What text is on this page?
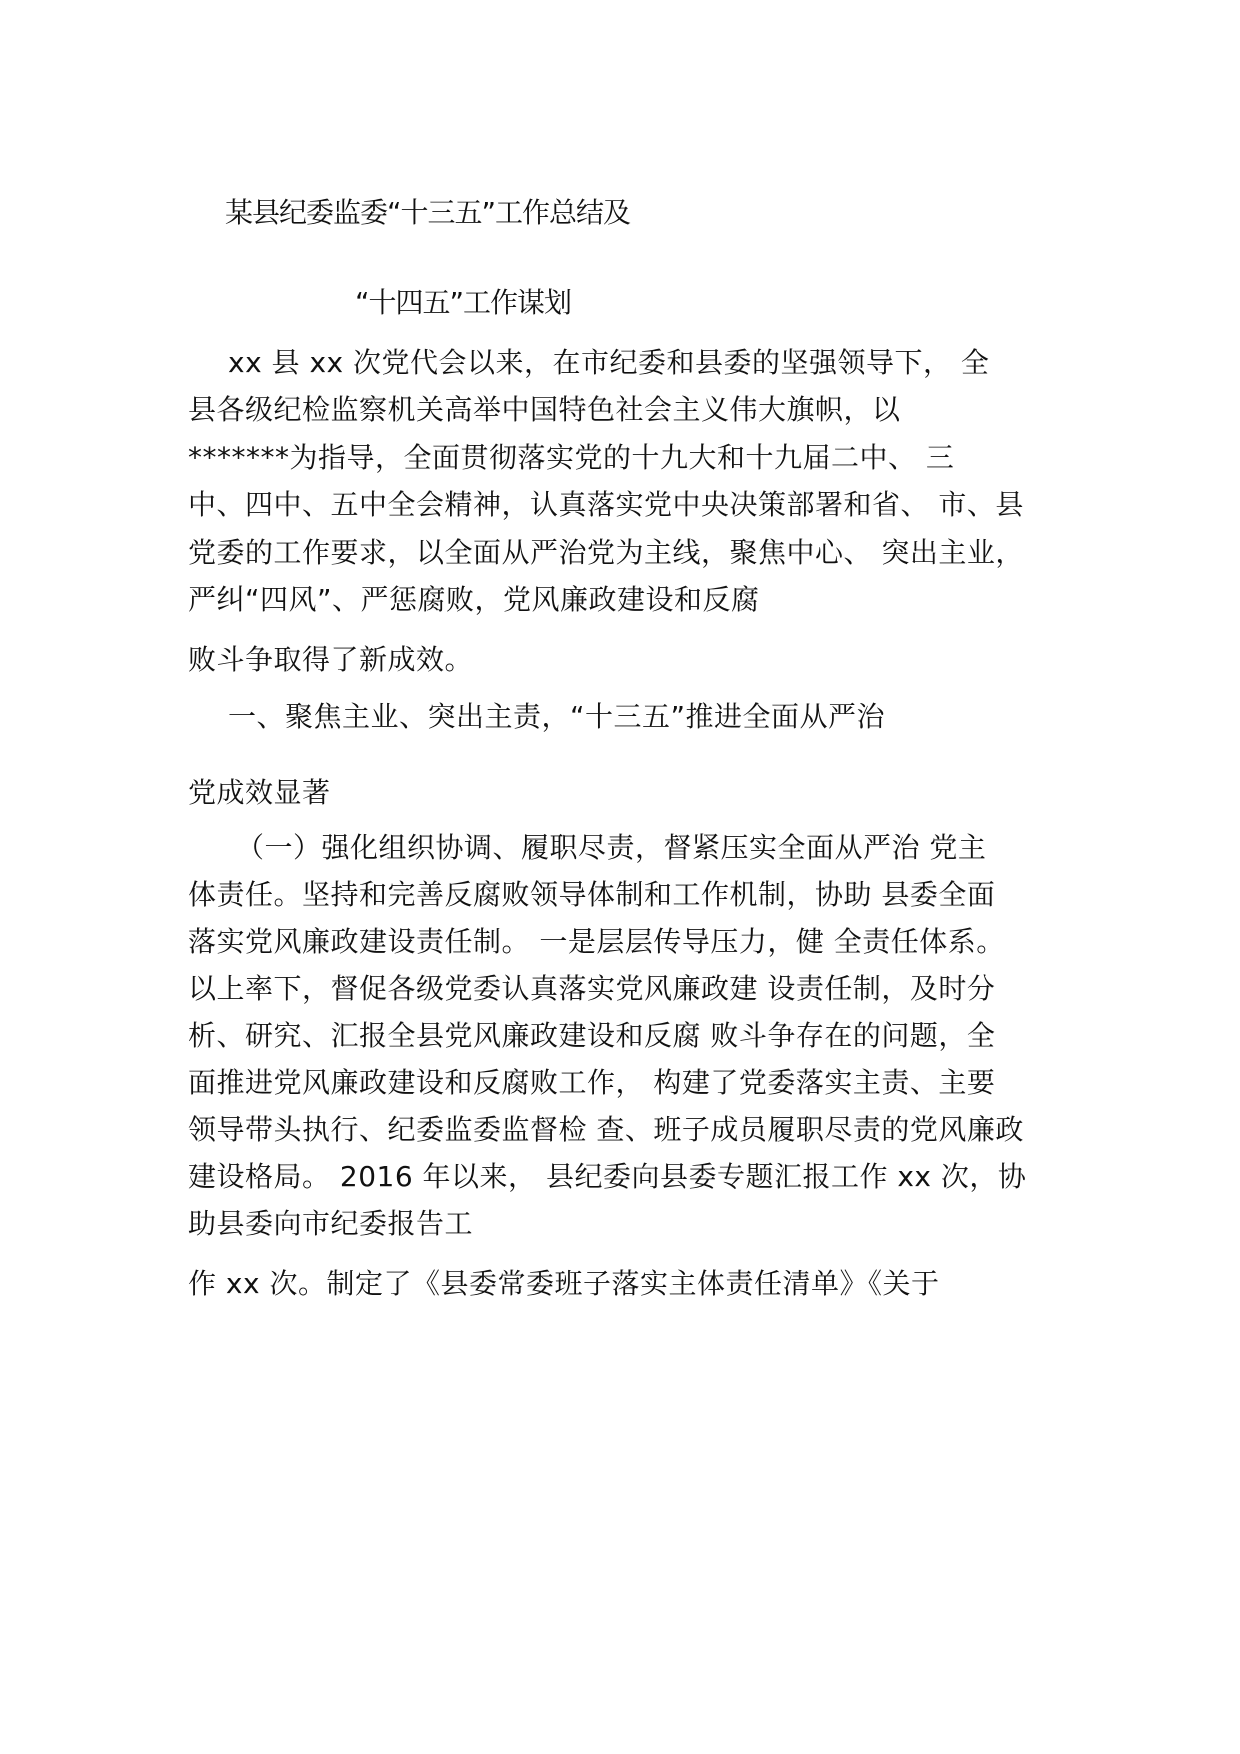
某县纪委监委“十三五”工作总结及
“十四五”工作谋划
xx 县 xx 次党代会以来，在市纪委和县委的坚强领导下， 全
县各级纪检监察机关高举中国特色社会主义伟大旗帜，以
*******为指导，全面贯彻落实党的十九大和十九届二中、 三
中、四中、五中全会精神，认真落实党中央决策部署和省、 市、县
党委的工作要求，以全面从严治党为主线，聚焦中心、 突出主业，
严纠“四风”、严惩腐败，党风廉政建设和反腐
败斗争取得了新成效。
一、聚焦主业、突出主责，“十三五”推进全面从严治
党成效显著
（一）强化组织协调、履职尽责，督紧压实全面从严治 党主
体责任。坚持和完善反腐败领导体制和工作机制，协助 县委全面
落实党风廉政建设责任制。 一是层层传导压力，健 全责任体系。
以上率下，督促各级党委认真落实党风廉政建 设责任制，及时分
析、研究、汇报全县党风廉政建设和反腐 败斗争存在的问题，全
面推进党风廉政建设和反腐败工作， 构建了党委落实主责、主要
领导带头执行、纪委监委监督检 查、班子成员履职尽责的党风廉政
建设格局。 2016 年以来， 县纪委向县委专题汇报工作 xx 次，协
助县委向市纪委报告工
作 xx 次。制定了《县委常委班子落实主体责任清单》《关于
